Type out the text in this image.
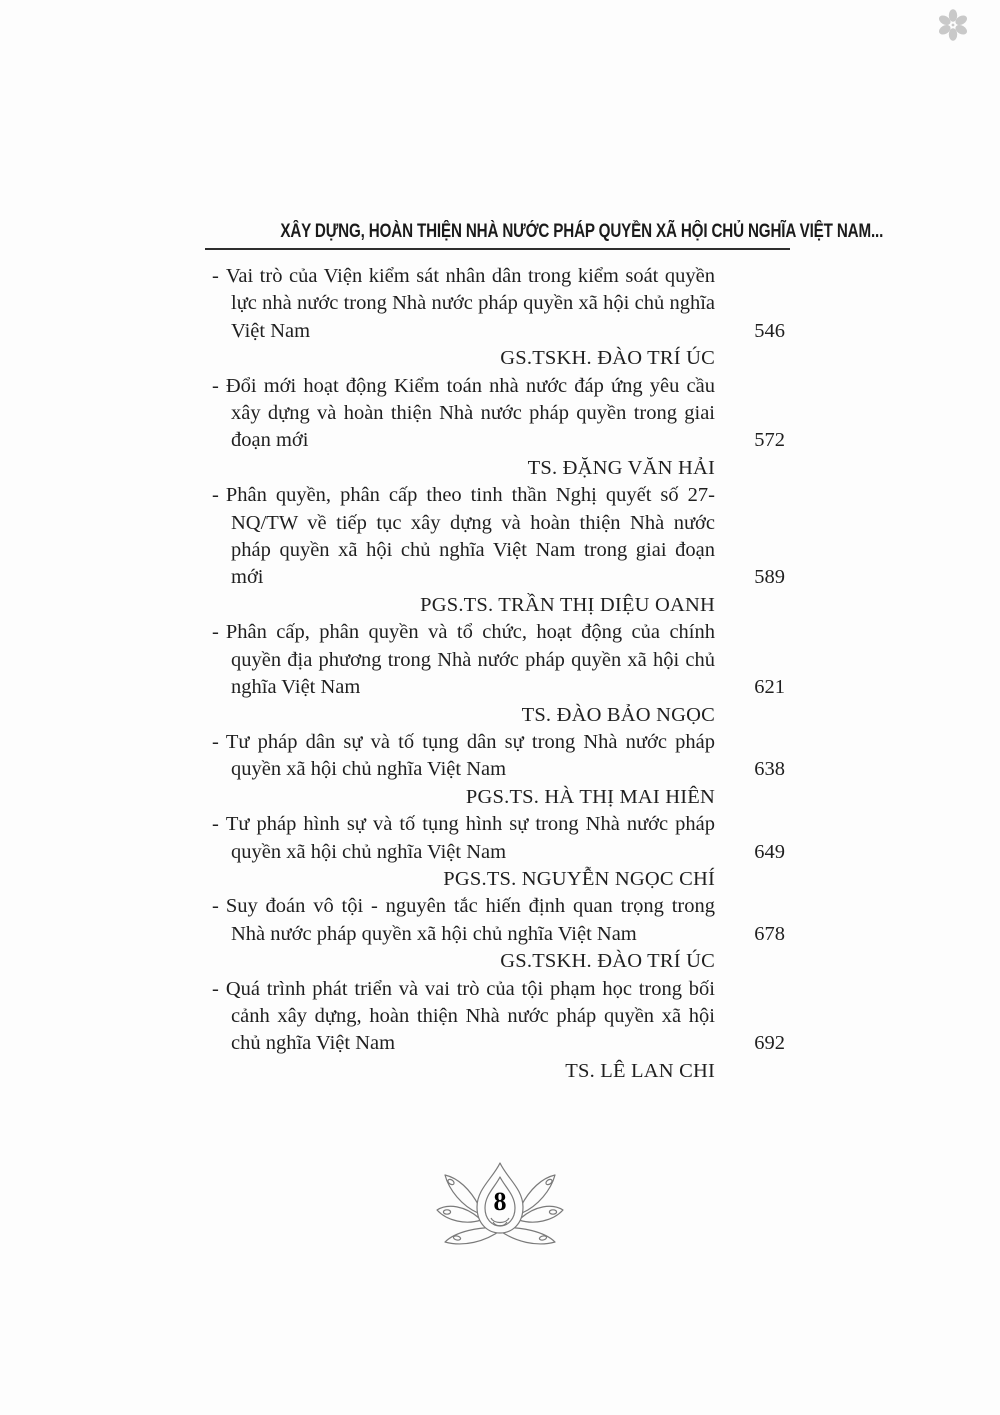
XÂY DỰNG, HOÀN THIỆN NHÀ NƯỚC PHÁP QUYỀN XÃ HỘI CHỦ NGHĨA VIỆT NAM...
- Vai trò của Viện kiểm sát nhân dân trong kiểm soát quyền lực nhà nước trong Nhà nước pháp quyền xã hội chủ nghĩa Việt Nam	546
GS.TSKH. ĐÀO TRÍ ÚC
- Đổi mới hoạt động Kiểm toán nhà nước đáp ứng yêu cầu xây dựng và hoàn thiện Nhà nước pháp quyền trong giai đoạn mới	572
TS. ĐẶNG VĂN HẢI
- Phân quyền, phân cấp theo tinh thần Nghị quyết số 27-NQ/TW về tiếp tục xây dựng và hoàn thiện Nhà nước pháp quyền xã hội chủ nghĩa Việt Nam trong giai đoạn mới	589
PGS.TS. TRẦN THỊ DIỆU OANH
- Phân cấp, phân quyền và tổ chức, hoạt động của chính quyền địa phương trong Nhà nước pháp quyền xã hội chủ nghĩa Việt Nam	621
TS. ĐÀO BẢO NGỌC
- Tư pháp dân sự và tố tụng dân sự trong Nhà nước pháp quyền xã hội chủ nghĩa Việt Nam	638
PGS.TS. HÀ THỊ MAI HIÊN
- Tư pháp hình sự và tố tụng hình sự trong Nhà nước pháp quyền xã hội chủ nghĩa Việt Nam	649
PGS.TS. NGUYỄN NGỌC CHÍ
- Suy đoán vô tội - nguyên tắc hiến định quan trọng trong Nhà nước pháp quyền xã hội chủ nghĩa Việt Nam	678
GS.TSKH. ĐÀO TRÍ ÚC
- Quá trình phát triển và vai trò của tội phạm học trong bối cảnh xây dựng, hoàn thiện Nhà nước pháp quyền xã hội chủ nghĩa Việt Nam	692
TS. LÊ LAN CHI
8
